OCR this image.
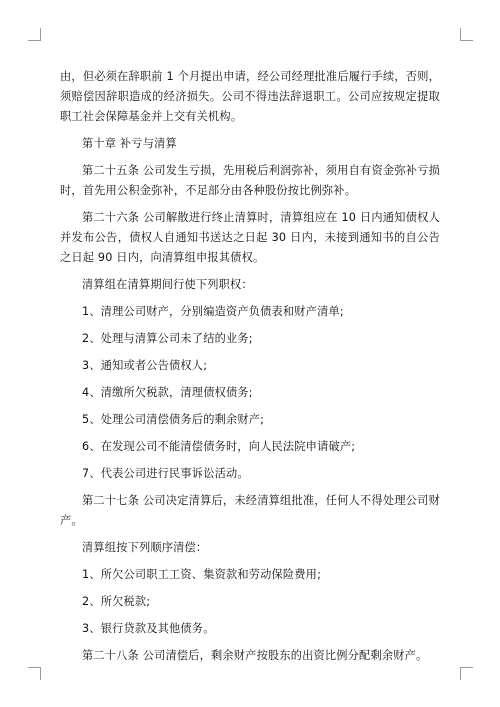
由，但必须在辞职前 1 个月提出申请，经公司经理批准后履行手续，否则，须赔偿因辞职造成的经济损失。公司不得违法辞退职工。公司应按规定提取职工社会保障基金并上交有关机构。

第十章 补亏与清算

第二十五条 公司发生亏损，先用税后利润弥补，须用自有资金弥补亏损时，首先用公积金弥补，不足部分由各种股份按比例弥补。

第二十六条 公司解散进行终止清算时，清算组应在 10 日内通知债权人并发布公告，债权人自通知书送达之日起 30 日内，未接到通知书的自公告之日起 90 日内，向清算组申报其债权。

清算组在清算期间行使下列职权：

1、清理公司财产，分别编造资产负债表和财产清单;

2、处理与清算公司未了结的业务;

3、通知或者公告债权人;

4、清缴所欠税款，清理债权债务;

5、处理公司清偿债务后的剩余财产;

6、在发现公司不能清偿债务时，向人民法院申请破产;

7、代表公司进行民事诉讼活动。

第二十七条 公司决定清算后，未经清算组批准，任何人不得处理公司财产。

清算组按下列顺序清偿：

1、所欠公司职工工资、集资款和劳动保险费用;

2、所欠税款;

3、银行贷款及其他债务。

第二十八条 公司清偿后，剩余财产按股东的出资比例分配剩余财产。
